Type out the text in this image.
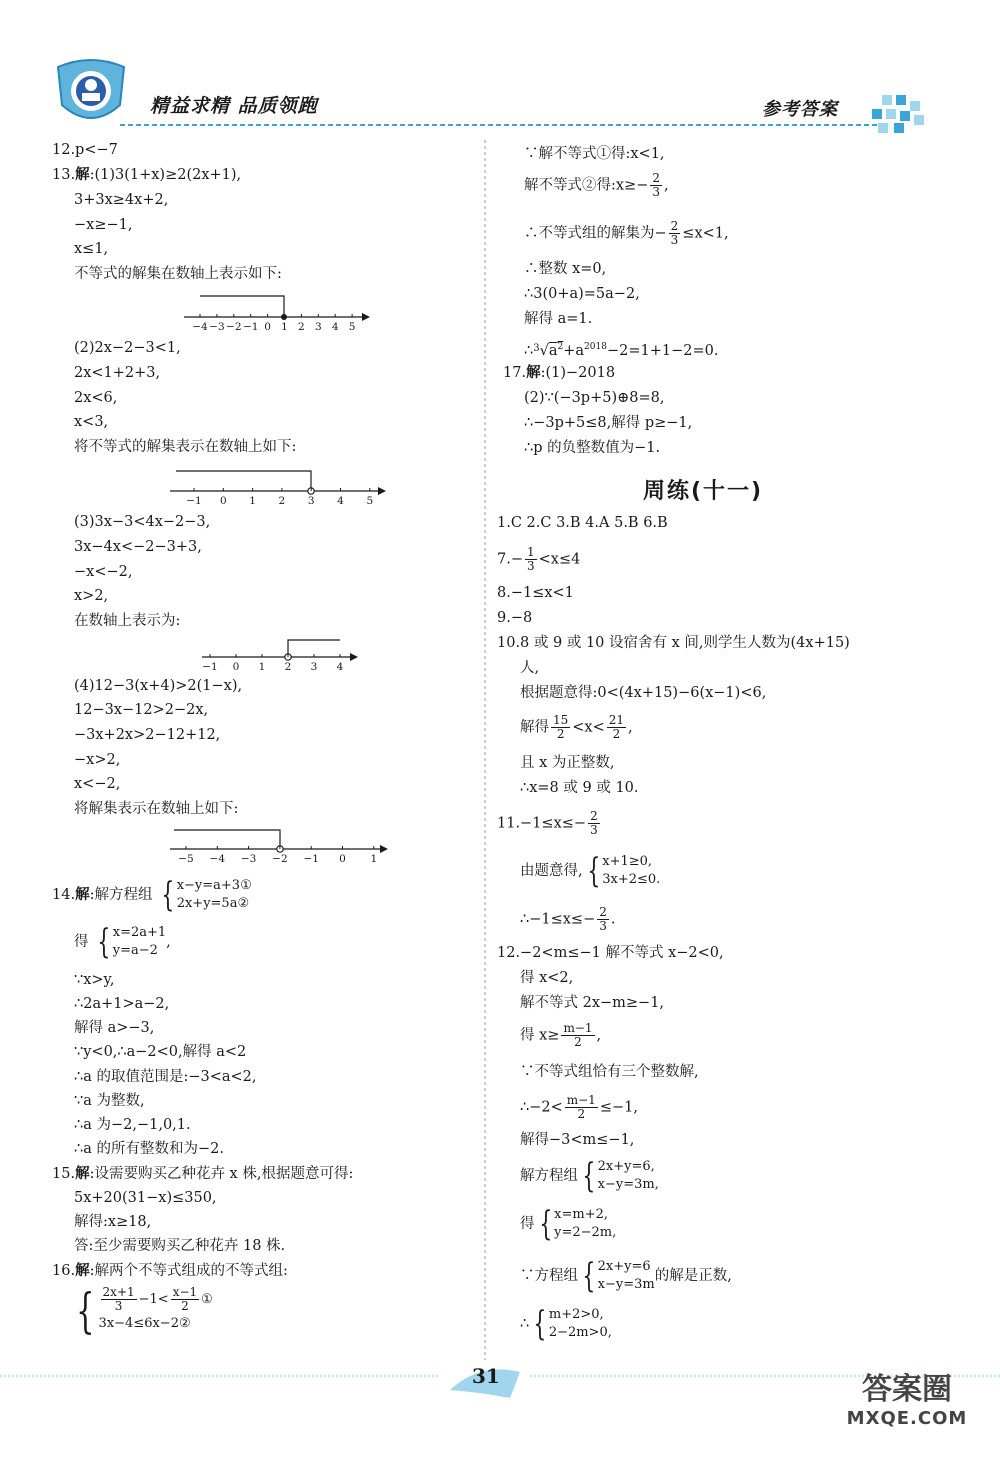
精益求精 品质领跑	参考答案
12.p<−7
13.解:(1)3(1+x)≥2(2x+1),
3+3x≥4x+2,
−x≥−1,
x≤1,
不等式的解集在数轴上表示如下:
−4 −3 −2 −1 0 1 2 3 4 5
(2)2x−2−3<1,
2x<1+2+3,
2x<6,
x<3,
将不等式的解集表示在数轴上如下:
−1 0 1 2 3 4 5
(3)3x−3<4x−2−3,
3x−4x<−2−3+3,
−x<−2,
x>2,
在数轴上表示为:
−1 0 1 2 3 4
(4)12−3(x+4)>2(1−x),
12−3x−12>2−2x,
−3x+2x>2−12+12,
−x>2,
x<−2,
将解集表示在数轴上如下:
−5 −4 −3 −2 −1 0 1
14.解:解方程组 { x−y=a+3①
2x+y=5a②
得 { x=2a+1
y=a−2
,
∵x>y,
∴2a+1>a−2,
解得 a>−3,
∵y<0,∴a−2<0,解得 a<2
∴a 的取值范围是:−3<a<2,
∵a 为整数,
∴a 为−2,−1,0,1.
∴a 的所有整数和为−2.
15.解:设需要购买乙种花卉 x 株,根据题意可得:
5x+20(31−x)≤350,
解得:x≥18,
答:至少需要购买乙种花卉 18 株.
16.解:解两个不等式组成的不等式组:
{ $\frac{2x+1}{3} -1< \frac{x-1}{2}$ ①
3x−4≤6x−2②
∵解不等式①得:x<1,
解不等式②得:x≥− $\frac{2}{3}$ ,
∴不等式组的解集为− $\frac{2}{3} \le x<1$,
∴整数 x=0,
∴3(0+a)=5a−2,
解得 a=1.
$\therefore^3√a^2+a^{2018}-2=1+1-2=0$.
17.解:(1)−2018
(2)∵(−3p+5)⊕8=8,
∴−3p+5≤8,解得 p≥−1,
∴p 的负整数值为−1.
周练(十一)
1.C 2.C 3.B 4.A 5.B 6.B
$7.- \frac{1}{3} <x\le 4$
8.−1≤x<1
9.−8
10.8 或 9 或 10 设宿舍有 x 间,则学生人数为(4x+15)
人,
根据题意得:0<(4x+15)−6(x−1)<6,
解得 $\frac{15}{2} <x< \frac{21}{2}$ ,
且 x 为正整数,
∴x=8 或 9 或 10.
$11.-1\le x\le- \frac{2}{3}$
由题意得, { x+1≥0,
3x+2≤0.
∴−1≤x≤− $\frac{2}{3}$ .
12.−2<m≤−1 解不等式 x−2<0,
得 x<2,
解不等式 2x−m≥−1,
得 $x\ge \frac{m-1}{2}$ ,
∵不等式组恰有三个整数解,
∴−2< $\frac{m-1}{2} \le-1$,
解得−3<m≤−1,
解方程组 { 2x+y=6,
x−y=3m,
得 { x=m+2,
y=2−2m,
∵方程组 { 2x+y=6
x−y=3m
的解是正数,
∴ { m+2>0,
2−2m>0,
31	答案圈
MXQE.COM
